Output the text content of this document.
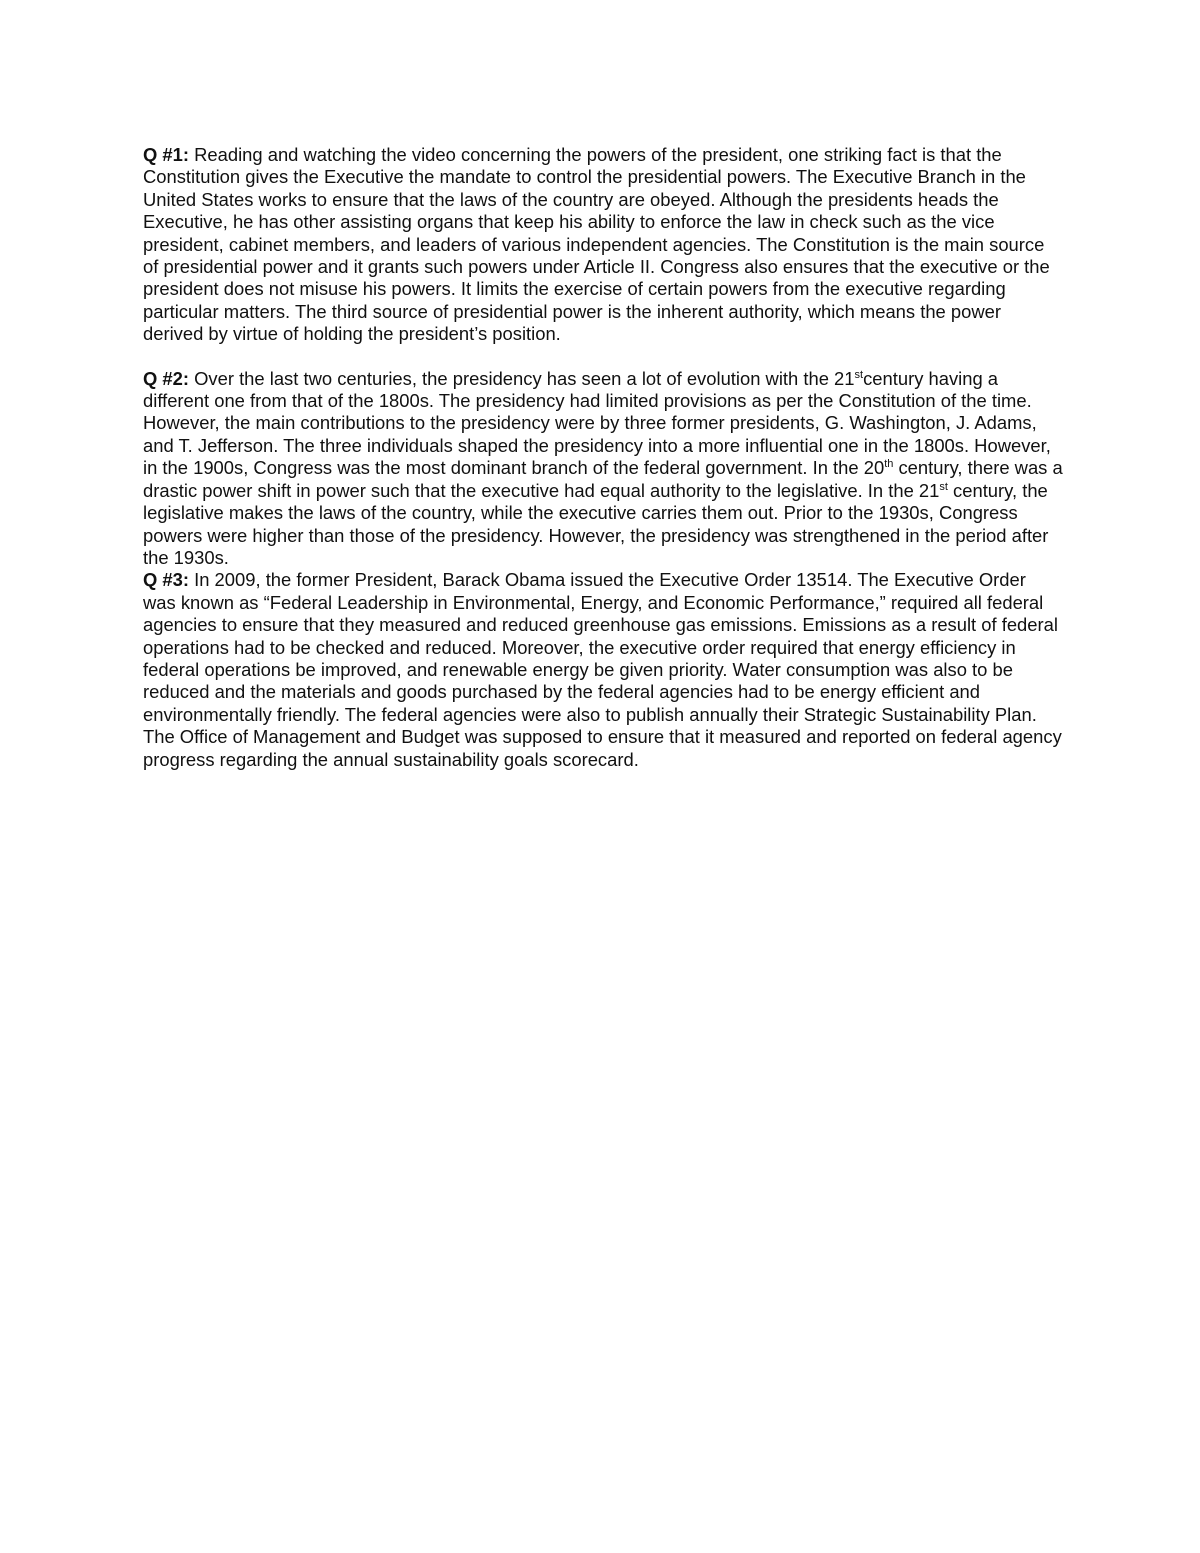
Q #1: Reading and watching the video concerning the powers of the president, one striking fact is that the Constitution gives the Executive the mandate to control the presidential powers. The Executive Branch in the United States works to ensure that the laws of the country are obeyed. Although the presidents heads the Executive, he has other assisting organs that keep his ability to enforce the law in check such as the vice president, cabinet members, and leaders of various independent agencies. The Constitution is the main source of presidential power and it grants such powers under Article II. Congress also ensures that the executive or the president does not misuse his powers. It limits the exercise of certain powers from the executive regarding particular matters. The third source of presidential power is the inherent authority, which means the power derived by virtue of holding the president’s position.

Q #2: Over the last two centuries, the presidency has seen a lot of evolution with the 21stcentury having a different one from that of the 1800s. The presidency had limited provisions as per the Constitution of the time. However, the main contributions to the presidency were by three former presidents, G. Washington, J. Adams, and T. Jefferson. The three individuals shaped the presidency into a more influential one in the 1800s. However, in the 1900s, Congress was the most dominant branch of the federal government. In the 20th century, there was a drastic power shift in power such that the executive had equal authority to the legislative. In the 21st century, the legislative makes the laws of the country, while the executive carries them out. Prior to the 1930s, Congress powers were higher than those of the presidency. However, the presidency was strengthened in the period after the 1930s.

Q #3: In 2009, the former President, Barack Obama issued the Executive Order 13514. The Executive Order was known as “Federal Leadership in Environmental, Energy, and Economic Performance,” required all federal agencies to ensure that they measured and reduced greenhouse gas emissions. Emissions as a result of federal operations had to be checked and reduced. Moreover, the executive order required that energy efficiency in federal operations be improved, and renewable energy be given priority. Water consumption was also to be reduced and the materials and goods purchased by the federal agencies had to be energy efficient and environmentally friendly. The federal agencies were also to publish annually their Strategic Sustainability Plan. The Office of Management and Budget was supposed to ensure that it measured and reported on federal agency progress regarding the annual sustainability goals scorecard.
